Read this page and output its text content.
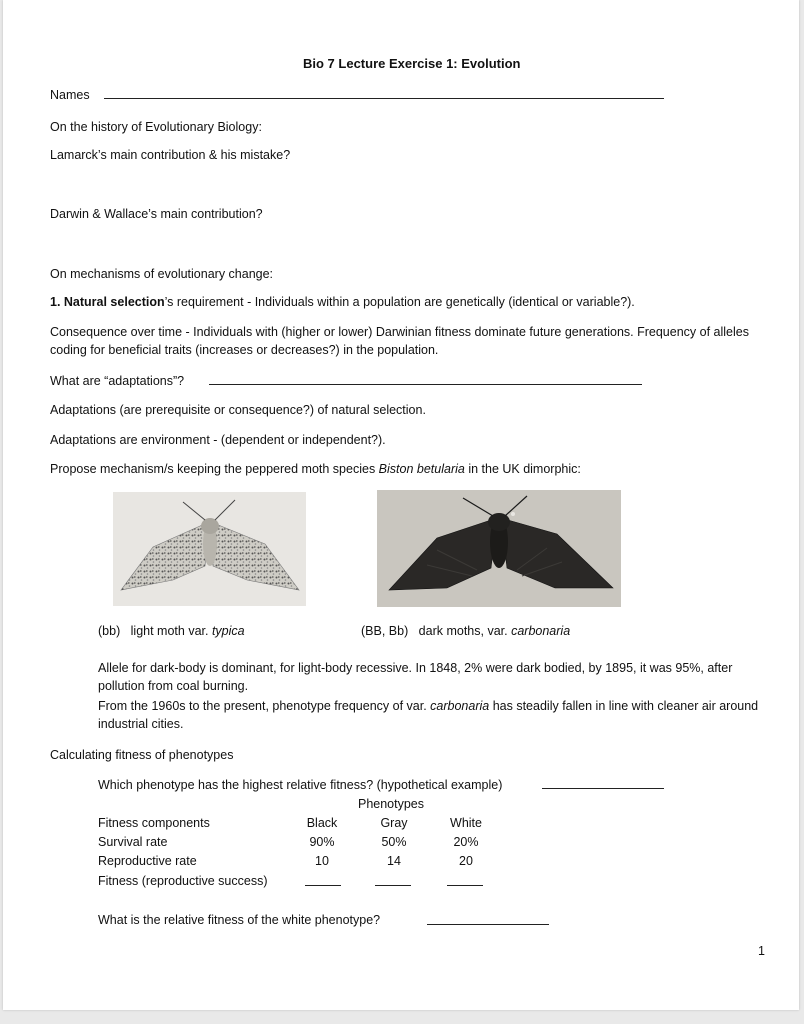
Bio 7 Lecture Exercise 1: Evolution
Names
On the history of Evolutionary Biology:
Lamarck’s main contribution & his mistake?
Darwin & Wallace’s main contribution?
On mechanisms of evolutionary change:
1. Natural selection’s requirement - Individuals within a population are genetically (identical or variable?).
Consequence over time - Individuals with (higher or lower) Darwinian fitness dominate future generations. Frequency of alleles coding for beneficial traits (increases or decreases?) in the population.
What are “adaptations”?
Adaptations (are prerequisite or consequence?) of natural selection.
Adaptations are environment - (dependent or independent?).
Propose mechanism/s keeping the peppered moth species Biston betularia in the UK dimorphic:
(bb) light moth var. typica	(BB, Bb) dark moths, var. carbonaria
Allele for dark-body is dominant, for light-body recessive. In 1848, 2% were dark bodied, by 1895, it was 95%, after pollution from coal burning.
From the 1960s to the present, phenotype frequency of var. carbonaria has steadily fallen in line with cleaner air around industrial cities.
Calculating fitness of phenotypes
Which phenotype has the highest relative fitness? (hypothetical example)
Phenotypes
Fitness components	Black	Gray	White
Survival rate	90%	50%	20%
Reproductive rate	10	14	20
Fitness (reproductive success)
What is the relative fitness of the white phenotype?
1
